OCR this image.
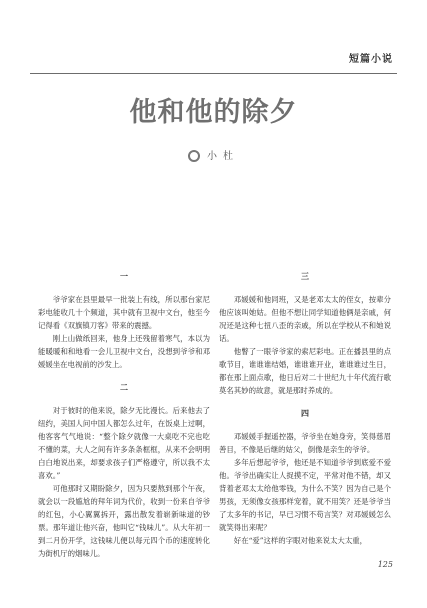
短篇小说
他和他的除夕
小杜
一

爷爷家在县里最早一批装上有线，所以那台家尼彩电能收几十个频道，其中就有卫视中文台，他至今记得看《双旗镇刀客》带来的震撼。

刚上山做纸回来，他身上还残留着寒气，本以为能暖暖和和地看一会儿卫视中文台，没想到爷爷和邓媛媛坐在电视前的沙发上。

二

对于彼时的他来说，除夕无比漫长。后来他去了纽约，美国人问中国人都怎么过年，在饭桌上过啊，他客客气气地说：“整个除夕就像一大桌吃不完也吃不懂的菜，大人之间有许多条条框框，从来不会明明白白地说出来，却要求孩子们严格遵守，所以我不太喜欢。”

可他那时又期盼除夕，因为只要熬到那个午夜，就会以一段尴尬的拜年词为代价，收到一份来自爷爷的红包，小心翼翼拆开，露出散发着崭新味道的钞票。那年道让他兴奋，他叫它“钱味儿”。从大年初一到二月份开学，这钱味儿便以每元四个币的速度转化为街机厅的烟味儿。

三

邓媛媛和他同班，又是老邓太太的侄女，按辈分他应该叫她姑。但他不想让同学知道他俩是亲戚，何况还是这种七扭八歪的亲戚，所以在学校从不和她说话。

他瞥了一眼爷爷家的索尼彩电。正在播县里的点歌节目，谁谁谁结婚，谁谁谁开业，谁谁谁过生日，都在那上面点歌，他日后对二十世纪九十年代流行歌莫名其妙的故意，就是那时养成的。

四

邓媛媛手握遥控器，爷爷坐在她身旁，笑得慈眉善目，不像是后继的姑父，倒像是亲生的爷爷。

多年后想起爷爷，他还是不知道爷爷到底爱不爱他。爷爷出确实让人捉摸不定，平常对他不错，却又背着老邓太太给他零钱，为什么不笑？因为自己是个男孩，无须像女孩那样宠着，就不用笑？还是爷爷当了太多年的书记，早已习惯不苟言笑？对邓媛媛怎么就笑得出来呢？

好在“爱”这样的字眼对他来说太大太重，

125
